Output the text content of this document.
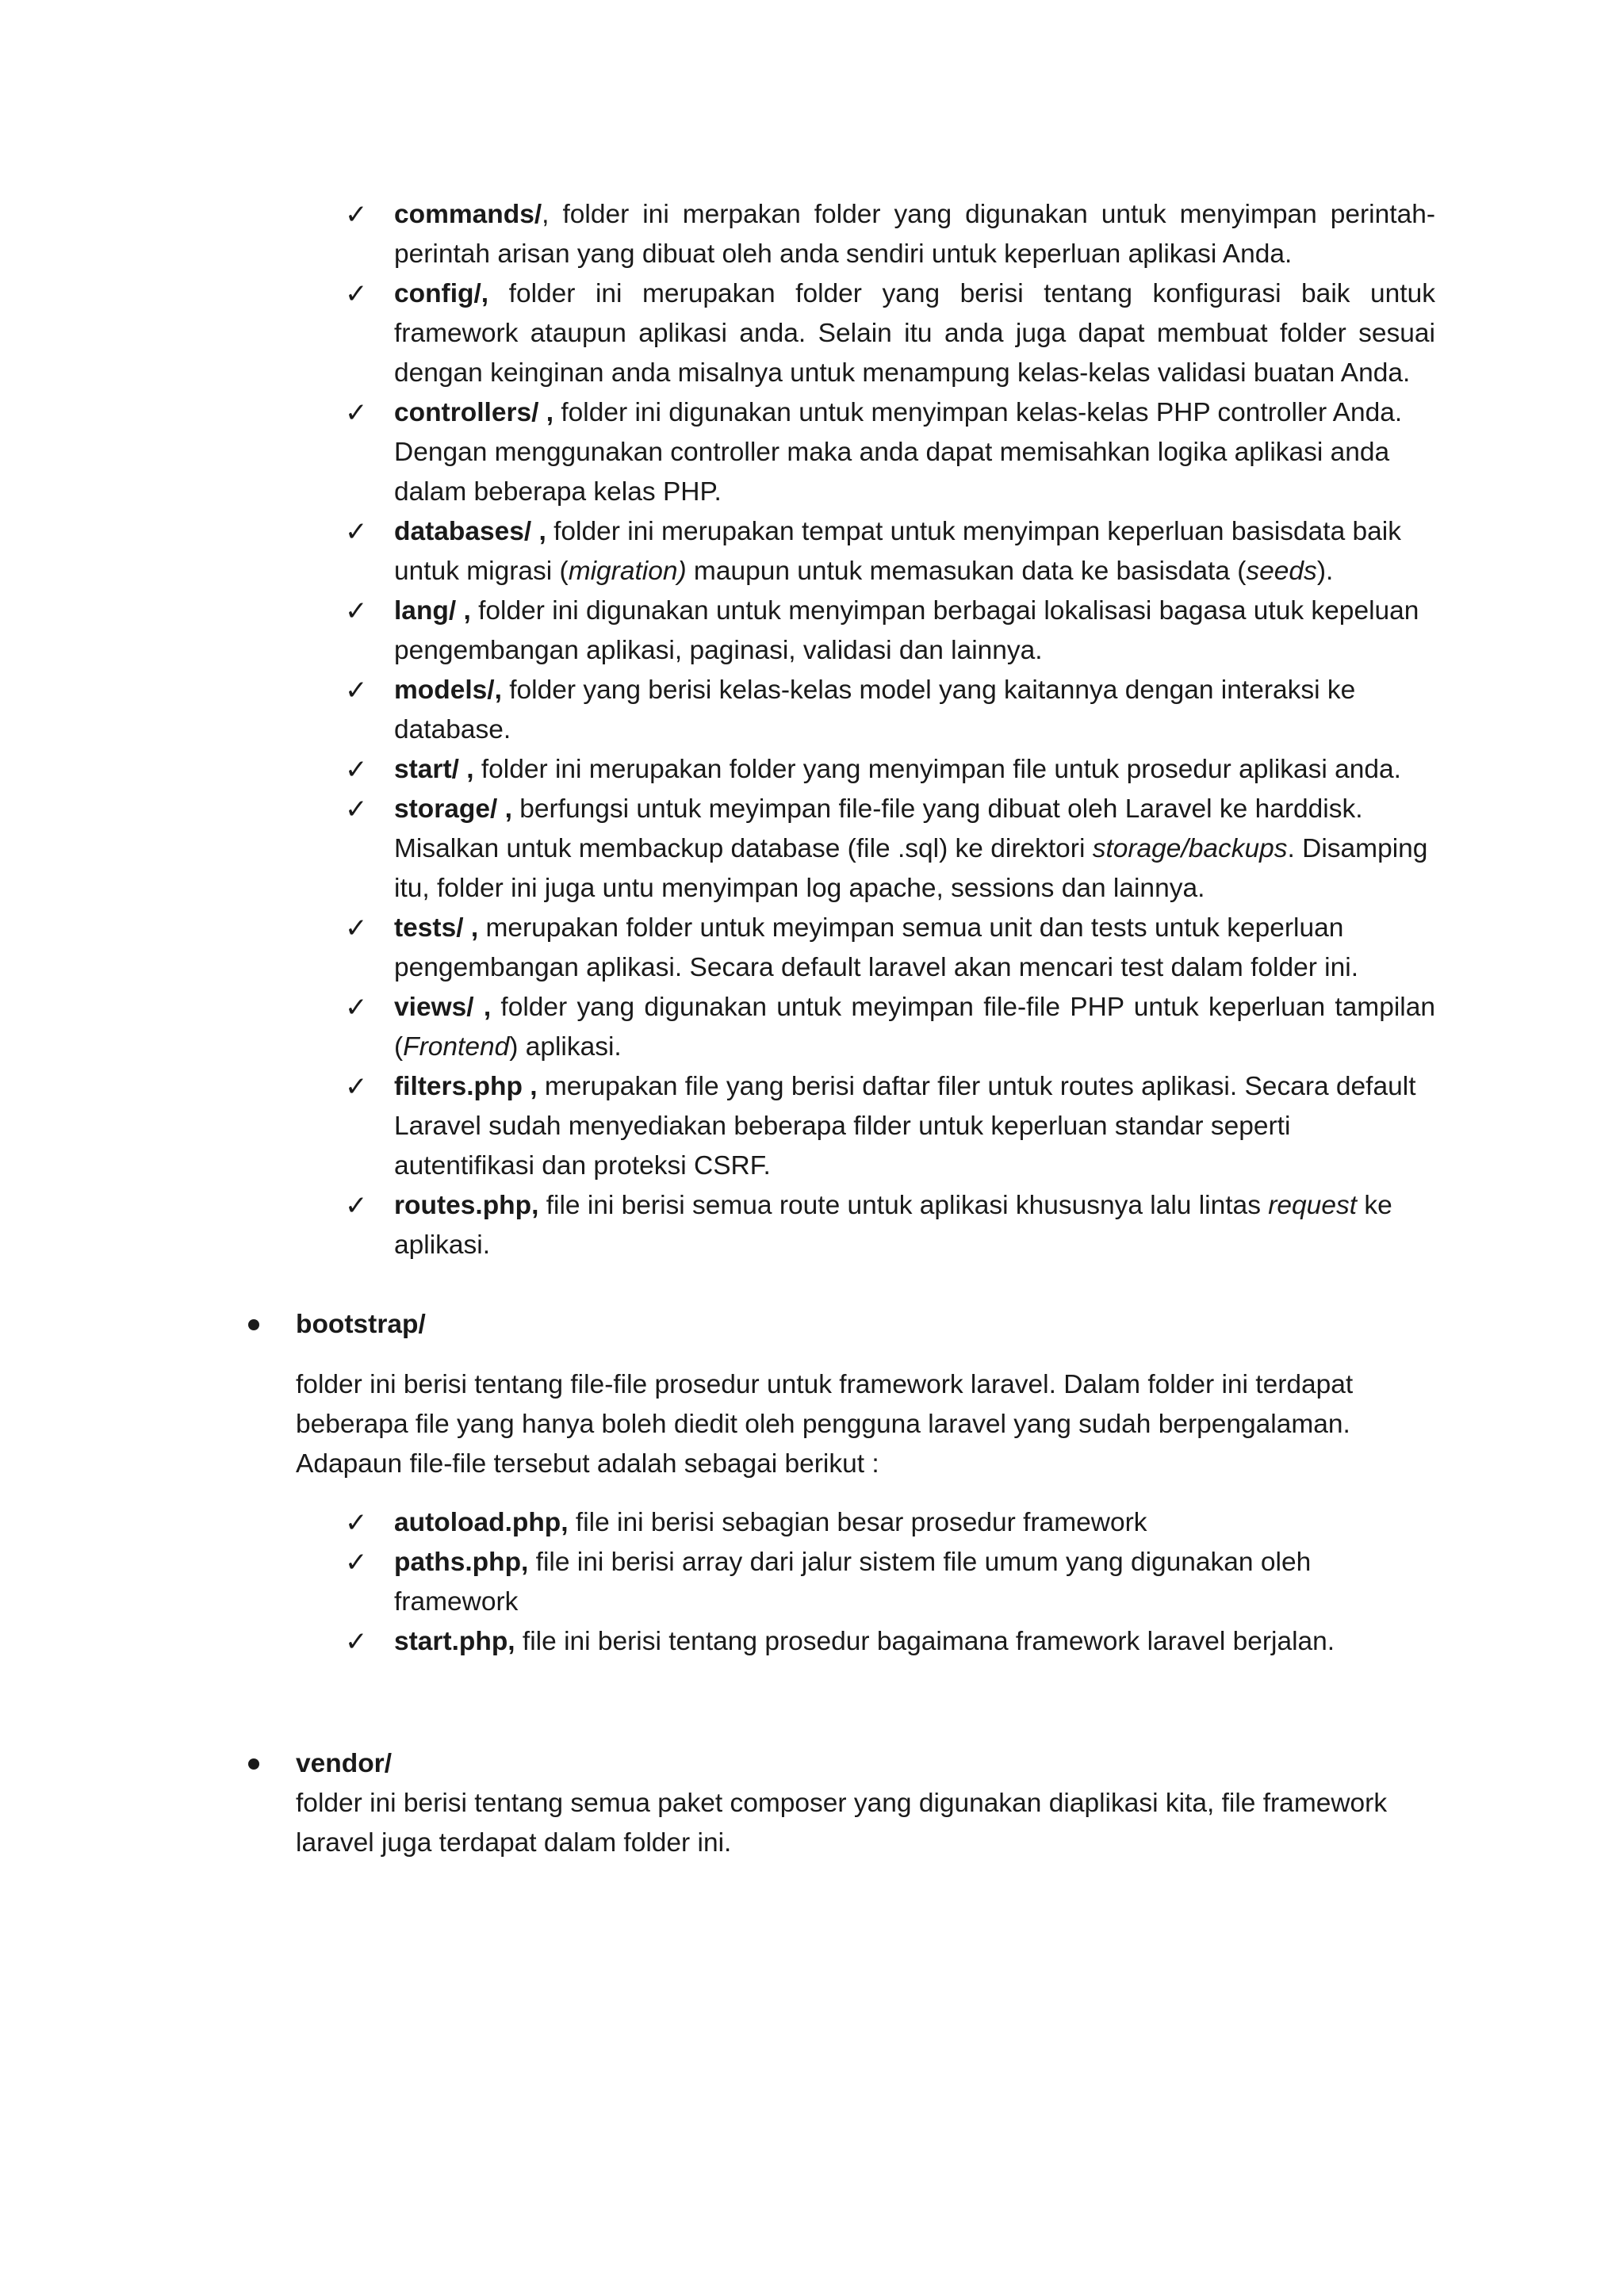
✓	commands/, folder ini merpakan folder yang digunakan untuk menyimpan perintah-perintah arisan yang dibuat oleh anda sendiri untuk keperluan aplikasi Anda.
✓	config/, folder ini merupakan folder yang berisi tentang konfigurasi baik untuk framework ataupun aplikasi anda. Selain itu anda juga dapat membuat folder sesuai dengan keinginan anda misalnya untuk menampung kelas-kelas validasi buatan Anda.
✓	controllers/ , folder ini digunakan untuk menyimpan kelas-kelas PHP controller Anda. Dengan menggunakan controller maka anda dapat memisahkan logika aplikasi anda dalam beberapa kelas PHP.
✓	databases/ , folder ini merupakan tempat untuk menyimpan keperluan basisdata baik untuk migrasi (migration) maupun untuk memasukan data ke basisdata (seeds).
✓	lang/ , folder ini digunakan untuk menyimpan berbagai lokalisasi bagasa utuk kepeluan pengembangan aplikasi, paginasi, validasi dan lainnya.
✓	models/, folder yang berisi kelas-kelas model yang kaitannya dengan interaksi ke database.
✓	start/ , folder ini merupakan folder yang menyimpan file untuk prosedur aplikasi anda.
✓	storage/ , berfungsi untuk meyimpan file-file yang dibuat oleh Laravel ke harddisk. Misalkan untuk membackup database (file .sql) ke direktori storage/backups. Disamping itu, folder ini juga untu menyimpan log apache, sessions dan lainnya.
✓	tests/ , merupakan folder untuk meyimpan semua unit dan tests untuk keperluan pengembangan aplikasi. Secara default laravel akan mencari test dalam folder ini.
✓	views/ , folder yang digunakan untuk meyimpan file-file PHP untuk keperluan tampilan (Frontend) aplikasi.
✓	filters.php , merupakan file yang berisi daftar filer untuk routes aplikasi. Secara default Laravel sudah menyediakan beberapa filder untuk keperluan standar seperti autentifikasi dan proteksi CSRF.
✓	routes.php, file ini berisi semua route untuk aplikasi khususnya lalu lintas request ke aplikasi.
bootstrap/
folder ini berisi tentang file-file prosedur untuk framework laravel. Dalam folder ini terdapat beberapa file yang hanya boleh diedit oleh pengguna laravel yang sudah berpengalaman. Adapaun file-file tersebut adalah sebagai berikut :
✓	autoload.php, file ini berisi sebagian besar prosedur framework
✓	paths.php, file ini berisi array dari jalur sistem file umum yang digunakan oleh framework
✓	start.php, file ini berisi tentang prosedur bagaimana framework laravel berjalan.
vendor/
folder ini berisi tentang semua paket composer yang digunakan diaplikasi kita, file framework laravel juga terdapat dalam folder ini.
